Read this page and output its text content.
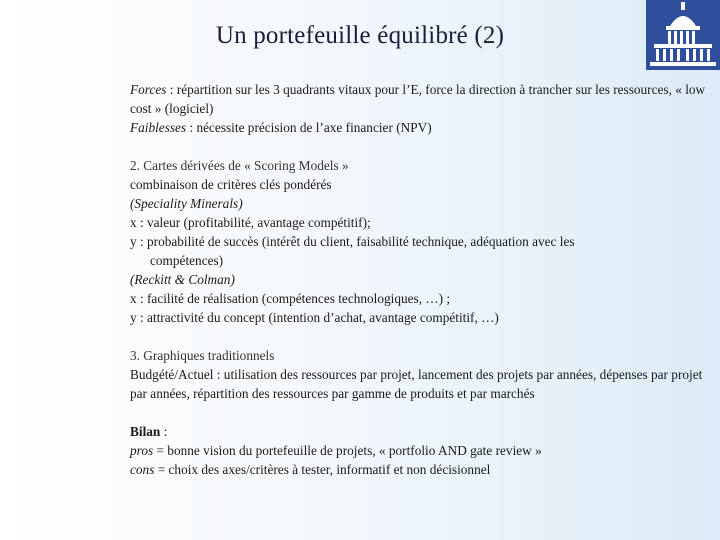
Un portefeuille équilibré (2)

Forces : répartition sur les 3 quadrants vitaux pour l’E, force la direction à trancher sur les ressources, « low cost » (logiciel)

Faiblesses : nécessite précision de l’axe financier (NPV)

2. Cartes dérivées de « Scoring Models »

combinaison de critères clés pondérés

(Speciality Minerals)

x : valeur (profitabilité, avantage compétitif);

y : probabilité de succès (intérêt du client, faisabilité technique, adéquation avec les

compétences)

(Reckitt & Colman)

x : facilité de réalisation (compétences technologiques, …) ;

y : attractivité du concept (intention d’achat, avantage compétitif, …)

3. Graphiques traditionnels

Budgété/Actuel : utilisation des ressources par projet, lancement des projets par années, dépenses par projet par années, répartition des ressources par gamme de produits et par marchés

Bilan :

pros = bonne vision du portefeuille de projets, « portfolio AND gate review »

cons = choix des axes/critères à tester, informatif et non décisionnel
